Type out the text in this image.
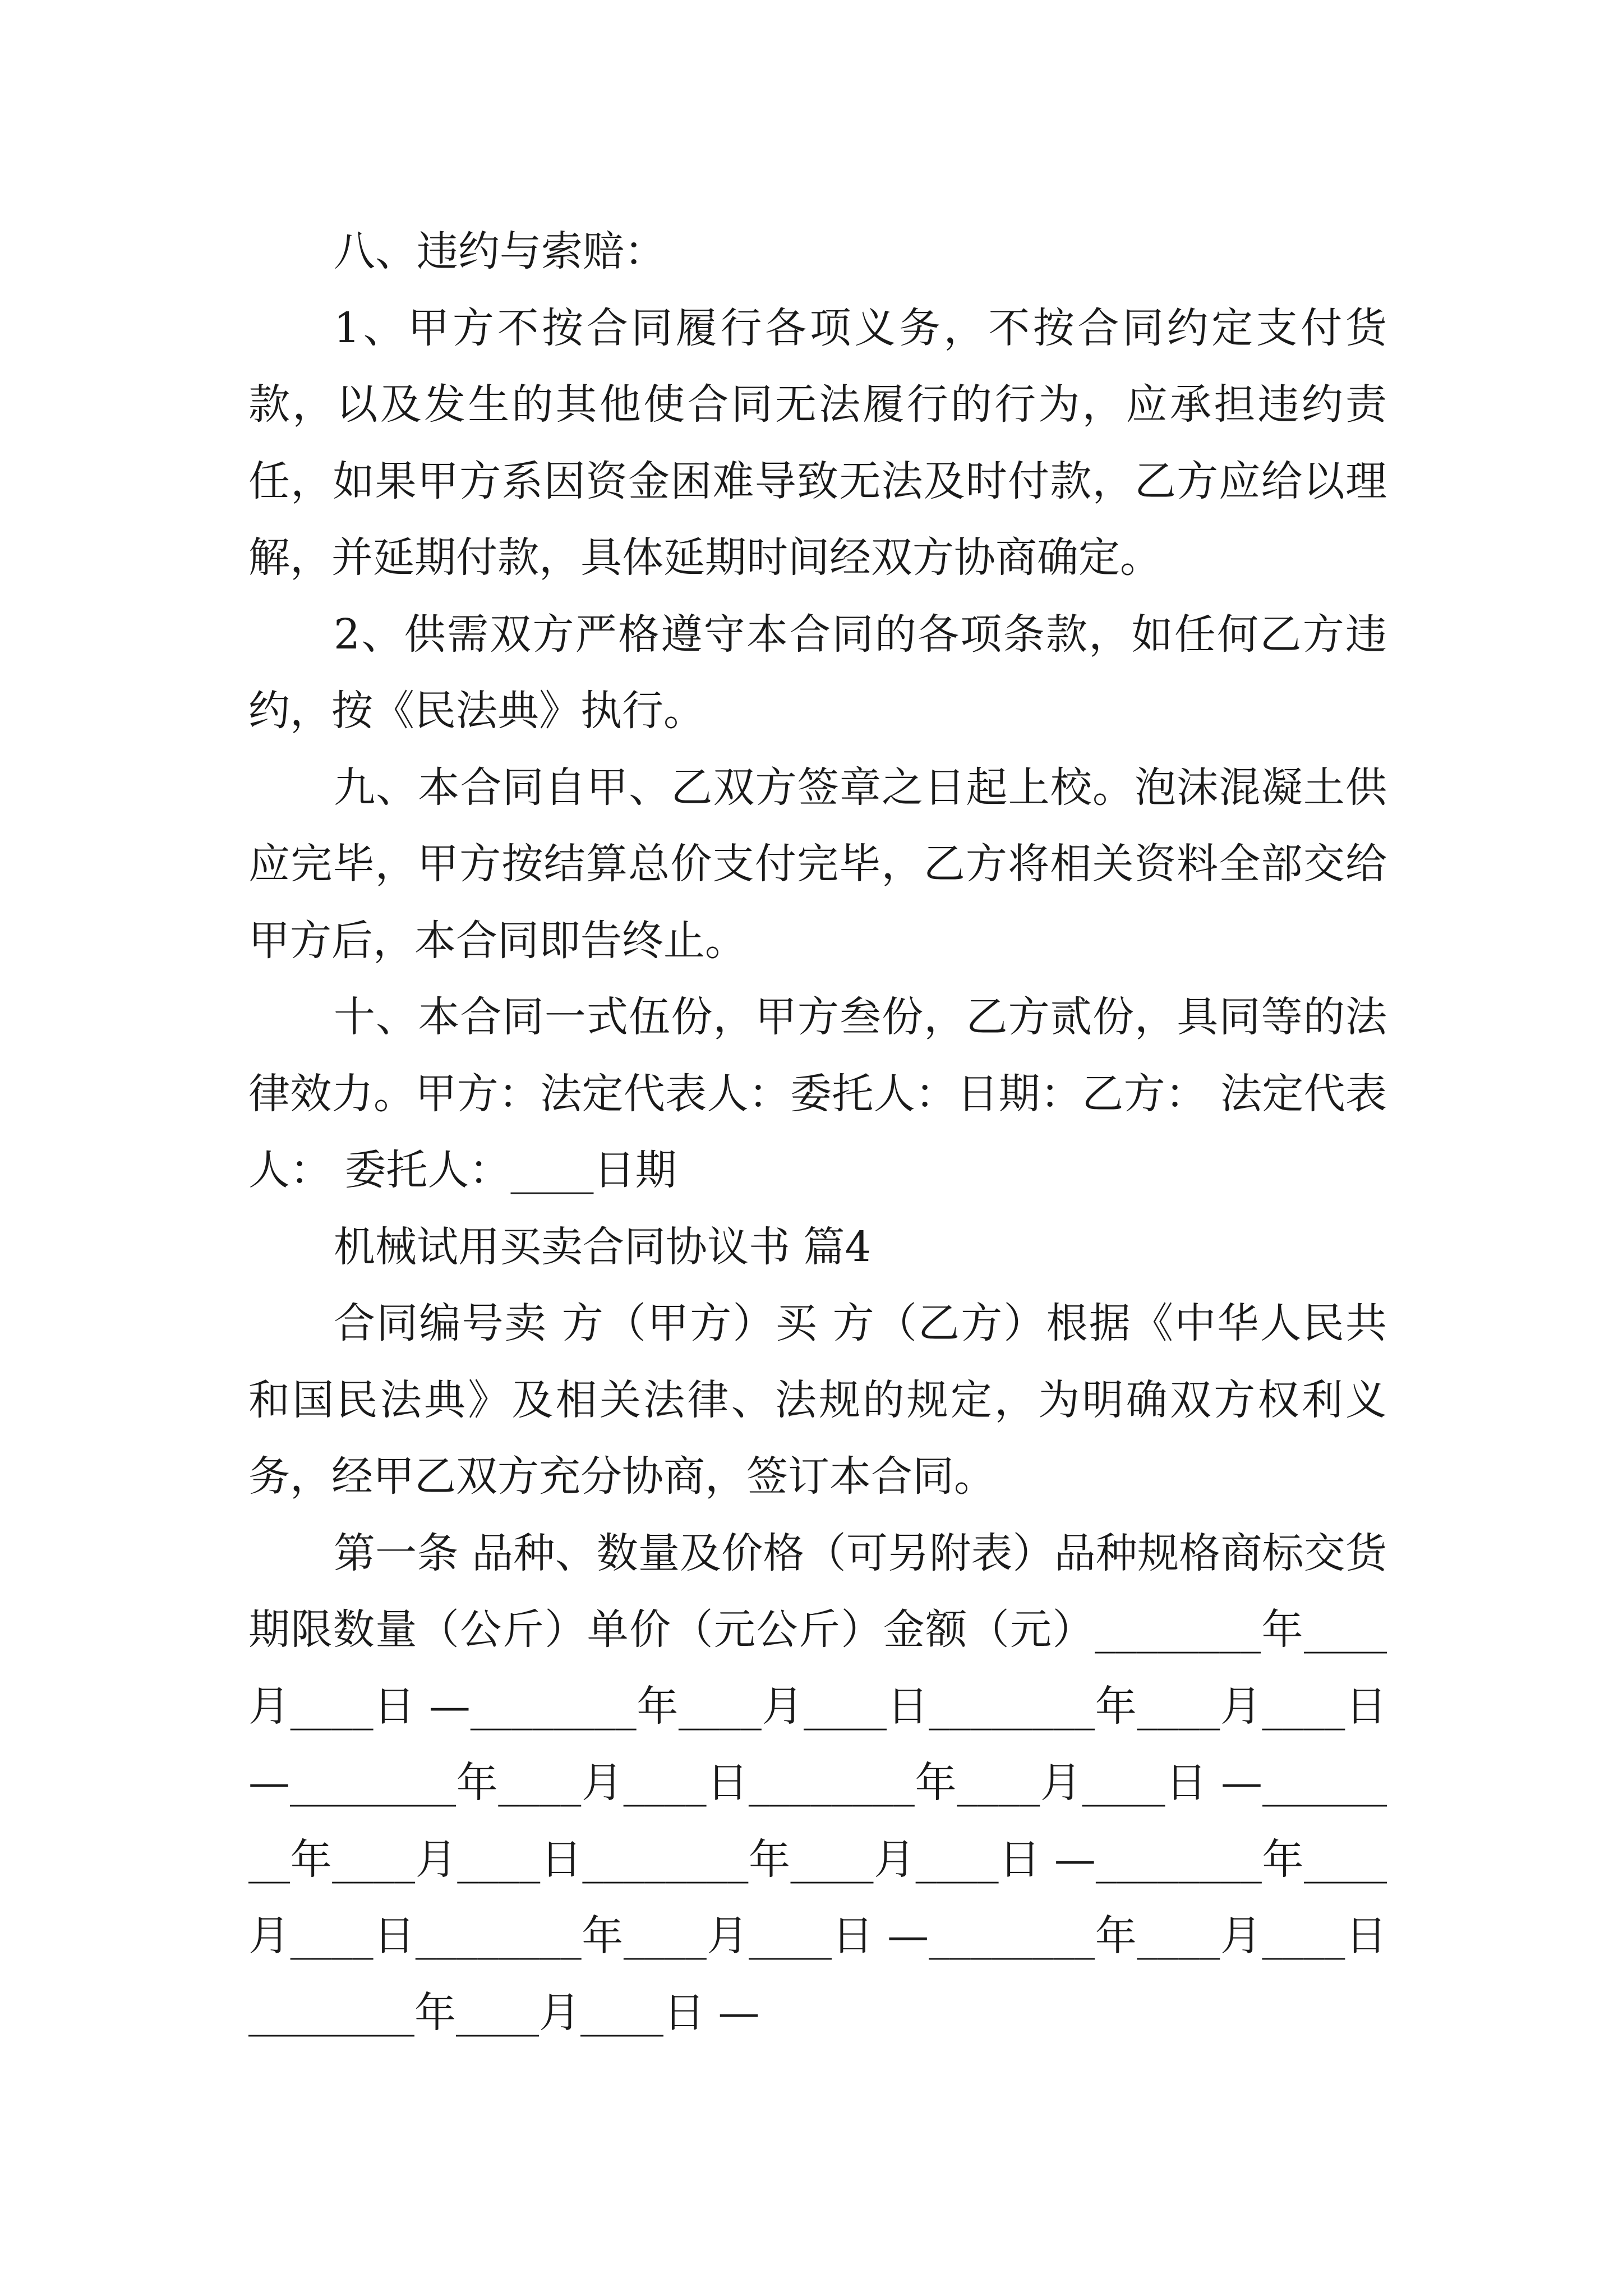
八、违约与索赔：

1、甲方不按合同履行各项义务，不按合同约定支付货款，以及发生的其他使合同无法履行的行为，应承担违约责任，如果甲方系因资金困难导致无法及时付款，乙方应给以理解，并延期付款，具体延期时间经双方协商确定。

2、供需双方严格遵守本合同的各项条款，如任何乙方违约，按《民法典》执行。

九、本合同自甲、乙双方签章之日起上校。泡沫混凝土供应完毕，甲方按结算总价支付完毕，乙方将相关资料全部交给甲方后，本合同即告终止。

十、本合同一式伍份，甲方叁份，乙方贰份，具同等的法律效力。甲方：法定代表人：委托人：日期：乙方： 法定代表人： 委托人：____日期

机械试用买卖合同协议书 篇4

合同编号卖 方（甲方）买 方（乙方）根据《中华人民共和国民法典》及相关法律、法规的规定，为明确双方权利义务，经甲乙双方充分协商，签订本合同。

第一条 品种、数量及价格（可另附表）品种规格商标交货期限数量（公斤）单价（元公斤）金额（元）________年____月____日 —________年____月____日________年____月____日 —________年____月____日________年____月____日 —________年____月____日________年____月____日 —________年____月____日________年____月____日 —________年____月____日________年____月____日 —
